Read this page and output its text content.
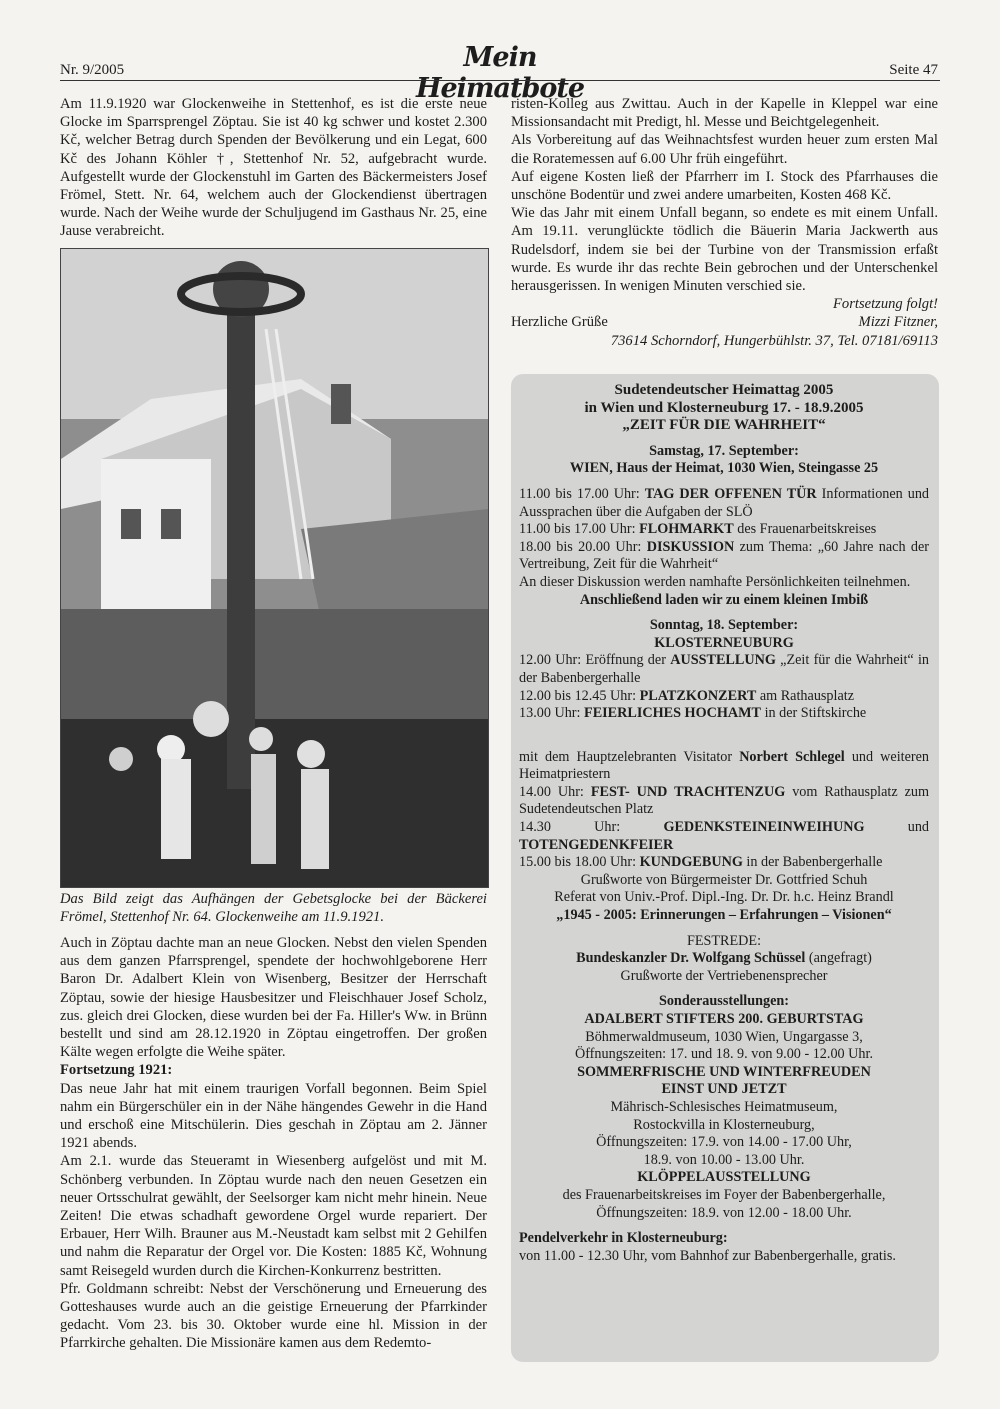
Nr. 9/2005	Mein Heimatbote
Seite 47

Am 11.9.1920 war Glockenweihe in Stettenhof, es ist die erste neue Glocke im Sparrsprengel Zöptau. Sie ist 40 kg schwer und kostet 2.300 Kč, welcher Betrag durch Spenden der Bevölkerung und ein Legat, 600 Kč des Johann Köhler †, Stettenhof Nr. 52, aufgebracht wurde. Aufgestellt wurde der Glockenstuhl im Garten des Bäckermeisters Josef Frömel, Stett. Nr. 64, welchem auch der Glockendienst übertragen wurde. Nach der Weihe wurde der Schuljugend im Gasthaus Nr. 25, eine Jause verabreicht.

Das Bild zeigt das Aufhängen der Gebetsglocke bei der Bäckerei Frömel, Stettenhof Nr. 64. Glockenweihe am 11.9.1921.

Auch in Zöptau dachte man an neue Glocken. Nebst den vielen Spenden aus dem ganzen Pfarrsprengel, spendete der hochwohlgeborene Herr Baron Dr. Adalbert Klein von Wisenberg, Besitzer der Herrschaft Zöptau, sowie der hiesige Hausbesitzer und Fleischhauer Josef Scholz, zus. gleich drei Glocken, diese wurden bei der Fa. Hiller's Ww. in Brünn bestellt und sind am 28.12.1920 in Zöptau eingetroffen. Der großen Kälte wegen erfolgte die Weihe später.

Fortsetzung 1921:

Das neue Jahr hat mit einem traurigen Vorfall begonnen. Beim Spiel nahm ein Bürgerschüler ein in der Nähe hängendes Gewehr in die Hand und erschoß eine Mitschülerin. Dies geschah in Zöptau am 2. Jänner 1921 abends.

Am 2.1. wurde das Steueramt in Wiesenberg aufgelöst und mit M. Schönberg verbunden. In Zöptau wurde nach den neuen Gesetzen ein neuer Ortsschulrat gewählt, der Seelsorger kam nicht mehr hinein. Neue Zeiten! Die etwas schadhaft gewordene Orgel wurde repariert. Der Erbauer, Herr Wilh. Brauner aus M.-Neustadt kam selbst mit 2 Gehilfen und nahm die Reparatur der Orgel vor. Die Kosten: 1885 Kč, Wohnung samt Reisegeld wurden durch die Kirchen-Konkurrenz bestritten.

Pfr. Goldmann schreibt: Nebst der Verschönerung und Erneuerung des Gotteshauses wurde auch an die geistige Erneuerung der Pfarrkinder gedacht. Vom 23. bis 30. Oktober wurde eine hl. Mission in der Pfarrkirche gehalten. Die Missionäre kamen aus dem Redemto-

risten-Kolleg aus Zwittau. Auch in der Kapelle in Kleppel war eine Missionsandacht mit Predigt, hl. Messe und Beichtgelegenheit.

Als Vorbereitung auf das Weihnachtsfest wurden heuer zum ersten Mal die Roratemessen auf 6.00 Uhr früh eingeführt.

Auf eigene Kosten ließ der Pfarrherr im I. Stock des Pfarrhauses die unschöne Bodentür und zwei andere umarbeiten, Kosten 468 Kč.

Wie das Jahr mit einem Unfall begann, so endete es mit einem Unfall. Am 19.11. verunglückte tödlich die Bäuerin Maria Jackwerth aus Rudelsdorf, indem sie bei der Turbine von der Transmission erfaßt wurde. Es wurde ihr das rechte Bein gebrochen und der Unterschenkel herausgerissen. In wenigen Minuten verschied sie.

Fortsetzung folgt!

Herzliche Grüße	Mizzi Fitzner,

73614 Schorndorf, Hungerbühlstr. 37, Tel. 07181/69113

Sudetendeutscher Heimattag 2005

in Wien und Klosterneuburg 17. - 18.9.2005

„ZEIT FÜR DIE WAHRHEIT“

Samstag, 17. September:

WIEN, Haus der Heimat, 1030 Wien, Steingasse 25

11.00 bis 17.00 Uhr: TAG DER OFFENEN TÜR Informationen und Aussprachen über die Aufgaben der SLÖ

11.00 bis 17.00 Uhr: FLOHMARKT des Frauenarbeitskreises

18.00 bis 20.00 Uhr: DISKUSSION zum Thema: „60 Jahre nach der Vertreibung, Zeit für die Wahrheit“

An dieser Diskussion werden namhafte Persönlichkeiten teilnehmen.

Anschließend laden wir zu einem kleinen Imbiß

Sonntag, 18. September:

KLOSTERNEUBURG

12.00 Uhr: Eröffnung der AUSSTELLUNG „Zeit für die Wahrheit“ in der Babenbergerhalle

12.00 bis 12.45 Uhr: PLATZKONZERT am Rathausplatz

13.00 Uhr: FEIERLICHES HOCHAMT in der Stiftskirche

mit dem Hauptzelebranten Visitator Norbert Schlegel und weiteren Heimatpriestern

14.00 Uhr: FEST- UND TRACHTENZUG vom Rathausplatz zum Sudetendeutschen Platz

14.30 Uhr:	GEDENKSTEINEINWEIHUNG	und TOTENGEDENKFEIER

15.00 bis 18.00 Uhr: KUNDGEBUNG in der Babenbergerhalle

Grußworte von Bürgermeister Dr. Gottfried Schuh

Referat von Univ.-Prof. Dipl.-Ing. Dr. Dr. h.c. Heinz Brandl

„1945 - 2005: Erinnerungen – Erfahrungen – Visionen“

FESTREDE:

Bundeskanzler Dr. Wolfgang Schüssel (angefragt)

Grußworte der Vertriebenensprecher

Sonderausstellungen:

ADALBERT STIFTERS 200. GEBURTSTAG

Böhmerwaldmuseum, 1030 Wien, Ungargasse 3,

Öffnungszeiten: 17. und 18. 9. von 9.00 - 12.00 Uhr.

SOMMERFRISCHE UND WINTERFREUDEN

EINST UND JETZT

Mährisch-Schlesisches Heimatmuseum,

Rostockvilla in Klosterneuburg,

Öffnungszeiten: 17.9. von 14.00 - 17.00 Uhr,

18.9. von 10.00 - 13.00 Uhr.

KLÖPPELAUSSTELLUNG

des Frauenarbeitskreises im Foyer der Babenbergerhalle,

Öffnungszeiten: 18.9. von 12.00 - 18.00 Uhr.

Pendelverkehr in Klosterneuburg:

von 11.00 - 12.30 Uhr, vom Bahnhof zur Babenbergerhalle, gratis.
